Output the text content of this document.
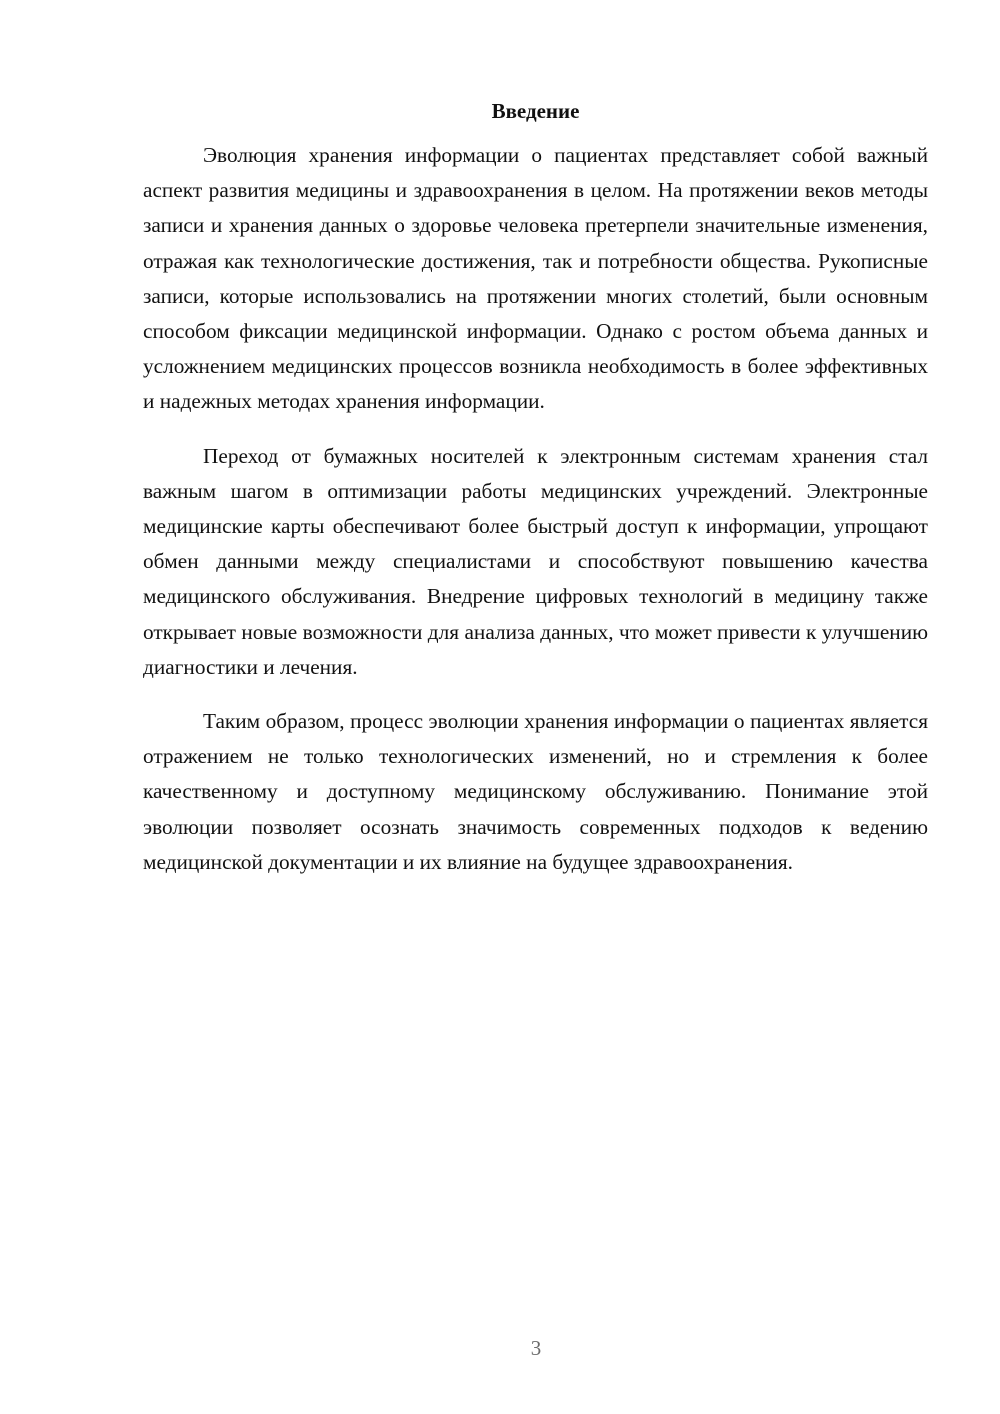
Введение

Эволюция хранения информации о пациентах представляет собой важный аспект развития медицины и здравоохранения в целом. На протяжении веков методы записи и хранения данных о здоровье человека претерпели значительные изменения, отражая как технологические достижения, так и потребности общества. Рукописные записи, которые использовались на протяжении многих столетий, были основным способом фиксации медицинской информации. Однако с ростом объема данных и усложнением медицинских процессов возникла необходимость в более эффективных и надежных методах хранения информации.

Переход от бумажных носителей к электронным системам хранения стал важным шагом в оптимизации работы медицинских учреждений. Электронные медицинские карты обеспечивают более быстрый доступ к информации, упрощают обмен данными между специалистами и способствуют повышению качества медицинского обслуживания. Внедрение цифровых технологий в медицину также открывает новые возможности для анализа данных, что может привести к улучшению диагностики и лечения.

Таким образом, процесс эволюции хранения информации о пациентах является отражением не только технологических изменений, но и стремления к более качественному и доступному медицинскому обслуживанию. Понимание этой эволюции позволяет осознать значимость современных подходов к ведению медицинской документации и их влияние на будущее здравоохранения.

3
